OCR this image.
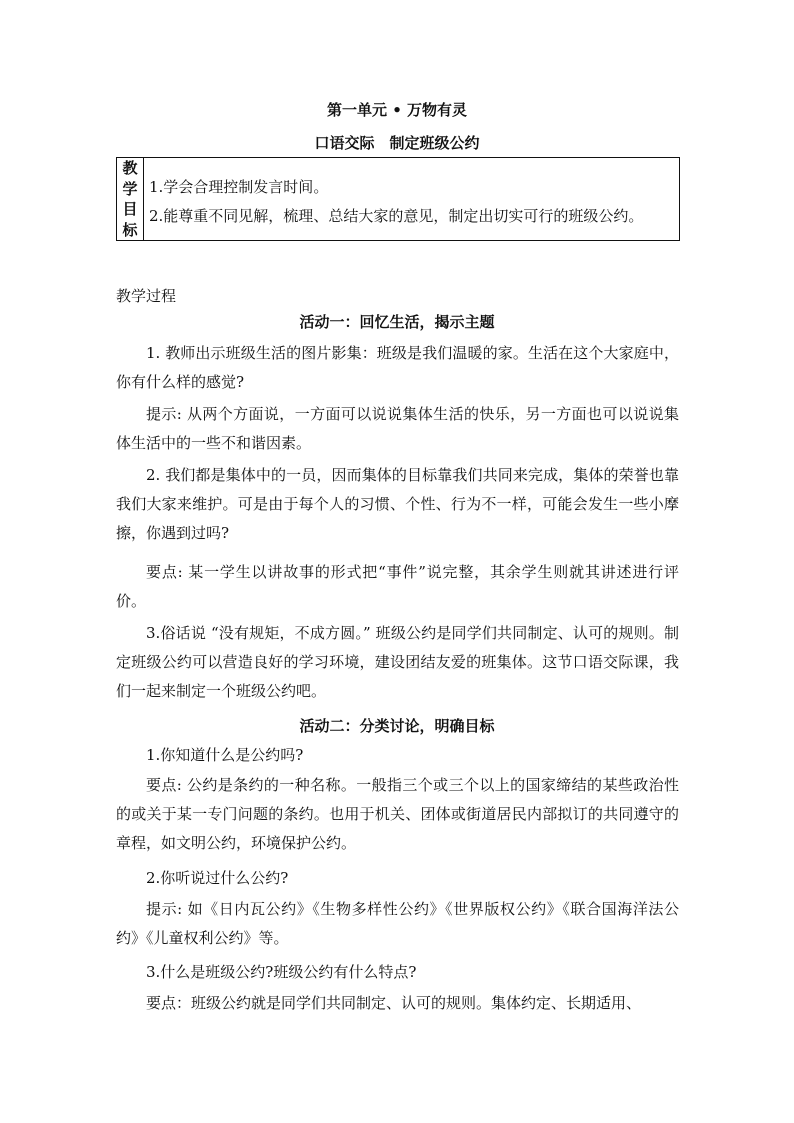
第一单元 • 万物有灵
口语交际　制定班级公约
教
学
目
标
1.学会合理控制发言时间。
2.能尊重不同见解，梳理、总结大家的意见，制定出切实可行的班级公约。
教学过程
活动一：回忆生活，揭示主题
1. 教师出示班级生活的图片影集：班级是我们温暖的家。生活在这个大家庭中，你有什么样的感觉?
提示: 从两个方面说，一方面可以说说集体生活的快乐，另一方面也可以说说集体生活中的一些不和谐因素。
2. 我们都是集体中的一员，因而集体的目标靠我们共同来完成，集体的荣誉也靠我们大家来维护。可是由于每个人的习惯、个性、行为不一样，可能会发生一些小摩擦，你遇到过吗?
要点: 某一学生以讲故事的形式把“事件”说完整，其余学生则就其讲述进行评价。
3.俗话说 “没有规矩，不成方圆。” 班级公约是同学们共同制定、认可的规则。制定班级公约可以营造良好的学习环境，建设团结友爱的班集体。这节口语交际课，我们一起来制定一个班级公约吧。
活动二：分类讨论，明确目标
1.你知道什么是公约吗?
要点: 公约是条约的一种名称。一般指三个或三个以上的国家缔结的某些政治性的或关于某一专门问题的条约。也用于机关、团体或街道居民内部拟订的共同遵守的章程，如文明公约，环境保护公约。
2.你听说过什么公约?
提示: 如《日内瓦公约》《生物多样性公约》《世界版权公约》《联合国海洋法公约》《儿童权利公约》等。
3.什么是班级公约?班级公约有什么特点?
要点：班级公约就是同学们共同制定、认可的规则。集体约定、长期适用、
